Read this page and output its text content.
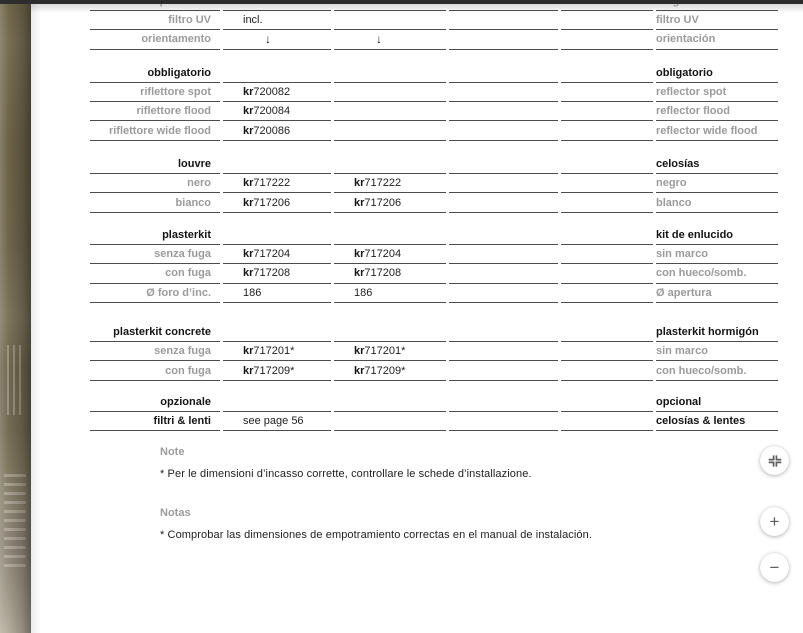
filtro UV	incl.	filtro UV
orientamento	↓	↓	orientación
obbligatorio	obligatorio
riflettore spot	kr 720082	reflector spot
riflettore flood	kr 720084	reflector flood
riflettore wide flood	kr 720086	reflector wide flood
louvre	celosías
nero	kr 717222	kr 717222	negro
bianco	kr 717206	kr 717206	blanco
plasterkit	kit de enlucido
senza fuga	kr 717204	kr 717204	sin marco
con fuga	kr 717208	kr 717208	con hueco/somb.
Ø foro d’inc.	186	186	Ø apertura
plasterkit concrete	plasterkit hormigón
senza fuga	kr 717201*	kr 717201*	sin marco
con fuga	kr 717209*	kr 717209*	con hueco/somb.
opzionale	opcional
filtri & lenti	see page 56	celosías & lentes
Note
* Per le dimensioni d’incasso corrette, controllare le schede d’installazione.
Notas
* Comprobar las dimensiones de empotramiento correctas en el manual de instalación.
+
−
